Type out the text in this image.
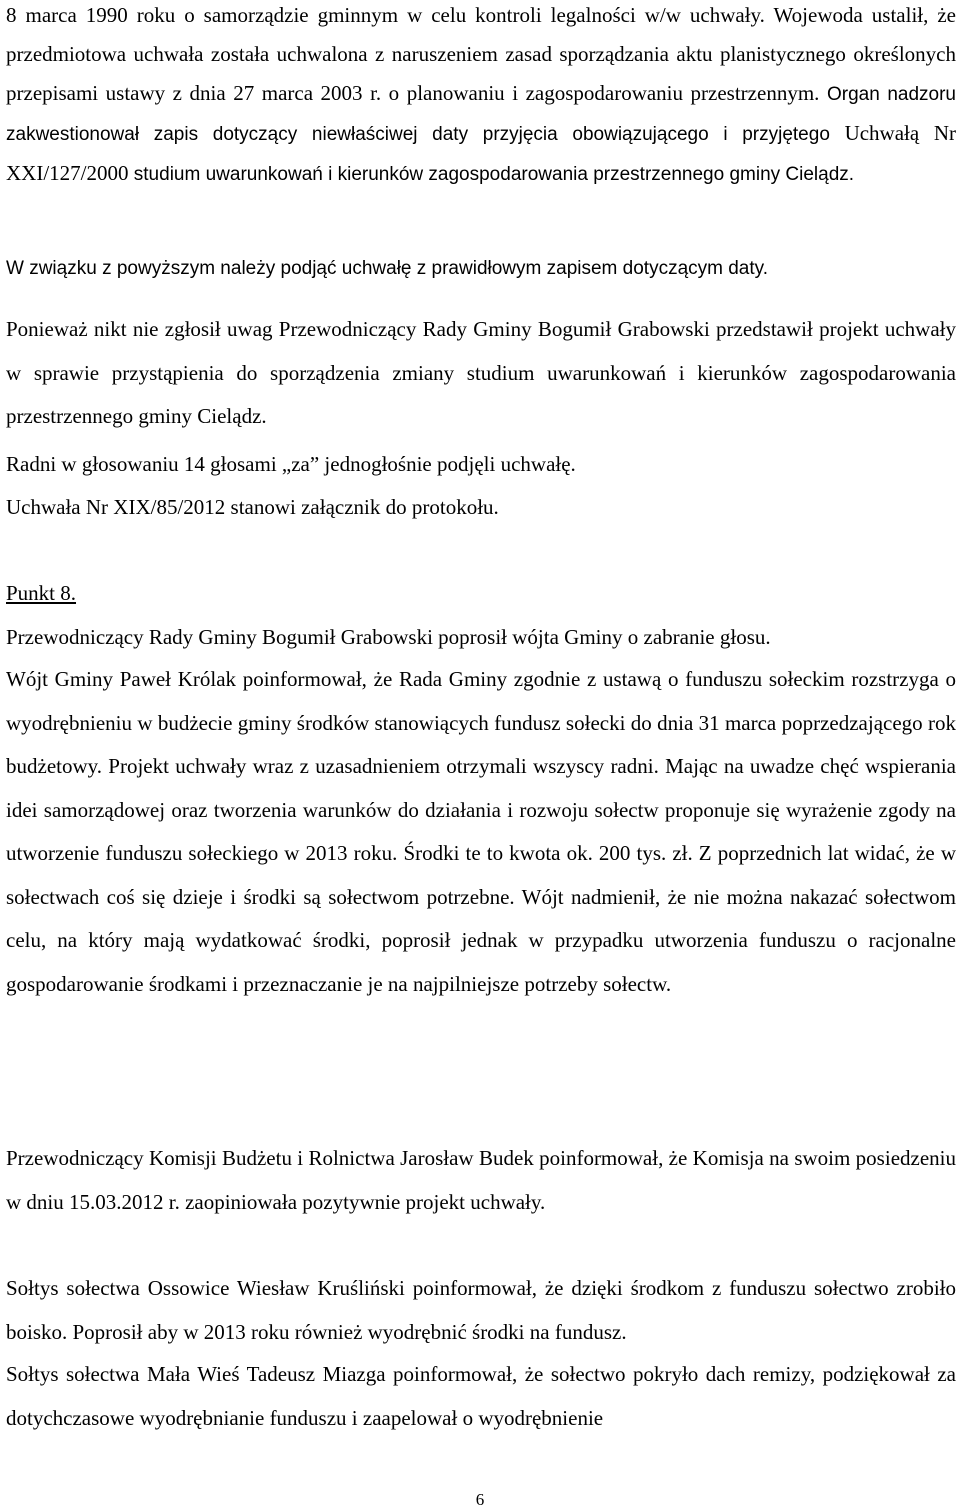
8 marca 1990 roku o samorządzie gminnym w celu kontroli legalności w/w uchwały. Wojewoda ustalił, że przedmiotowa uchwała została uchwalona z naruszeniem zasad sporządzania aktu planistycznego określonych przepisami ustawy z dnia 27 marca 2003 r. o planowaniu i zagospodarowaniu przestrzennym. Organ nadzoru zakwestionował zapis dotyczący niewłaściwej daty przyjęcia obowiązującego i przyjętego Uchwałą Nr XXI/127/2000 studium uwarunkowań i kierunków zagospodarowania przestrzennego gminy Cielądz.

W związku z powyższym należy podjąć uchwałę z prawidłowym zapisem dotyczącym daty.

Ponieważ nikt nie zgłosił uwag Przewodniczący Rady Gminy Bogumił Grabowski przedstawił projekt uchwały w sprawie przystąpienia do sporządzenia zmiany studium uwarunkowań i kierunków zagospodarowania przestrzennego gminy Cielądz.

Radni w głosowaniu 14 głosami „za” jednogłośnie podjęli uchwałę.

Uchwała Nr XIX/85/2012 stanowi załącznik do protokołu.

Punkt 8.

Przewodniczący Rady Gminy Bogumił Grabowski poprosił wójta Gminy o zabranie głosu.

Wójt Gminy Paweł Królak poinformował, że Rada Gminy zgodnie z ustawą o funduszu sołeckim rozstrzyga o wyodrębnieniu w budżecie gminy środków stanowiących fundusz sołecki do dnia 31 marca poprzedzającego rok budżetowy. Projekt uchwały wraz z uzasadnieniem otrzymali wszyscy radni. Mając na uwadze chęć wspierania idei samorządowej oraz tworzenia warunków do działania i rozwoju sołectw proponuje się wyrażenie zgody na utworzenie funduszu sołeckiego w 2013 roku. Środki te to kwota ok. 200 tys. zł. Z poprzednich lat widać, że w sołectwach coś się dzieje i środki są sołectwom potrzebne. Wójt nadmienił, że nie można nakazać sołectwom celu, na który mają wydatkować środki, poprosił jednak w przypadku utworzenia funduszu o racjonalne gospodarowanie środkami i przeznaczanie je na najpilniejsze potrzeby sołectw.

Przewodniczący Komisji Budżetu i Rolnictwa Jarosław Budek poinformował, że Komisja na swoim posiedzeniu w dniu 15.03.2012 r. zaopiniowała pozytywnie projekt uchwały.

Sołtys sołectwa Ossowice Wiesław Kruśliński poinformował, że dzięki środkom z funduszu sołectwo zrobiło boisko. Poprosił aby w 2013 roku również wyodrębnić środki na fundusz.

Sołtys sołectwa Mała Wieś Tadeusz Miazga poinformował, że sołectwo pokryło dach remizy, podziękował za dotychczasowe wyodrębnianie funduszu i zaapelował o wyodrębnienie

6
